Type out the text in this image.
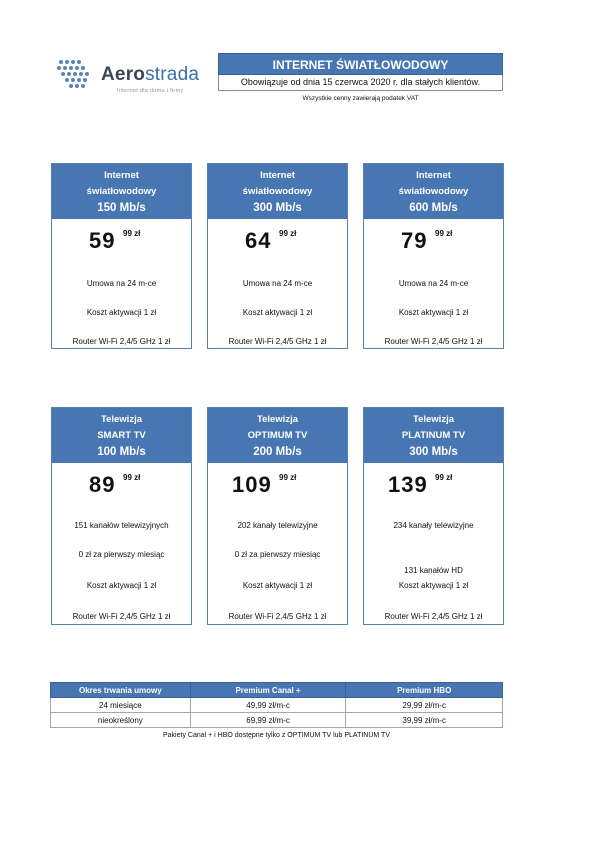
Aerostrada
Internet dla domu i firmy
INTERNET ŚWIATŁOWODOWY
Obowiązuje od dnia 15 czerwca 2020 r. dla stałych klientów.
Wszystkie cenny zawierają podatek VAT
Internet
światłowodowy
150 Mb/s
59 99 zł
Umowa na 24 m-ce
Koszt aktywacji 1 zł
Router Wi-Fi 2,4/5 GHz 1 zł
Internet
światłowodowy
300 Mb/s
64 99 zł
Umowa na 24 m-ce
Koszt aktywacji 1 zł
Router Wi-Fi 2,4/5 GHz 1 zł
Internet
światłowodowy
600 Mb/s
79 99 zł
Umowa na 24 m-ce
Koszt aktywacji 1 zł
Router Wi-Fi 2,4/5 GHz 1 zł
Telewizja
SMART TV
100 Mb/s
89 99 zł
151 kanałów telewizyjnych
0 zł za pierwszy miesiąc
Koszt aktywacji 1 zł
Router Wi-Fi 2,4/5 GHz 1 zł
Telewizja
OPTIMUM TV
200 Mb/s
109 99 zł
202 kanały telewizyjne
0 zł za pierwszy miesiąc
Koszt aktywacji 1 zł
Router Wi-Fi 2,4/5 GHz 1 zł
Telewizja
PLATINUM TV
300 Mb/s
139 99 zł
234 kanały telewizyjne
131 kanałów HD
Koszt aktywacji 1 zł
Router Wi-Fi 2,4/5 GHz 1 zł
Okres trwania umowy	Premium Canal +	Premium HBO
24 miesiące	49,99 zł/m-c	29,99 zł/m-c
nieokreślony	69,99 zł/m-c	39,99 zł/m-c
Pakiety Canal + i HBO dostępne tylko z OPTIMUM TV lub PLATINUM TV
